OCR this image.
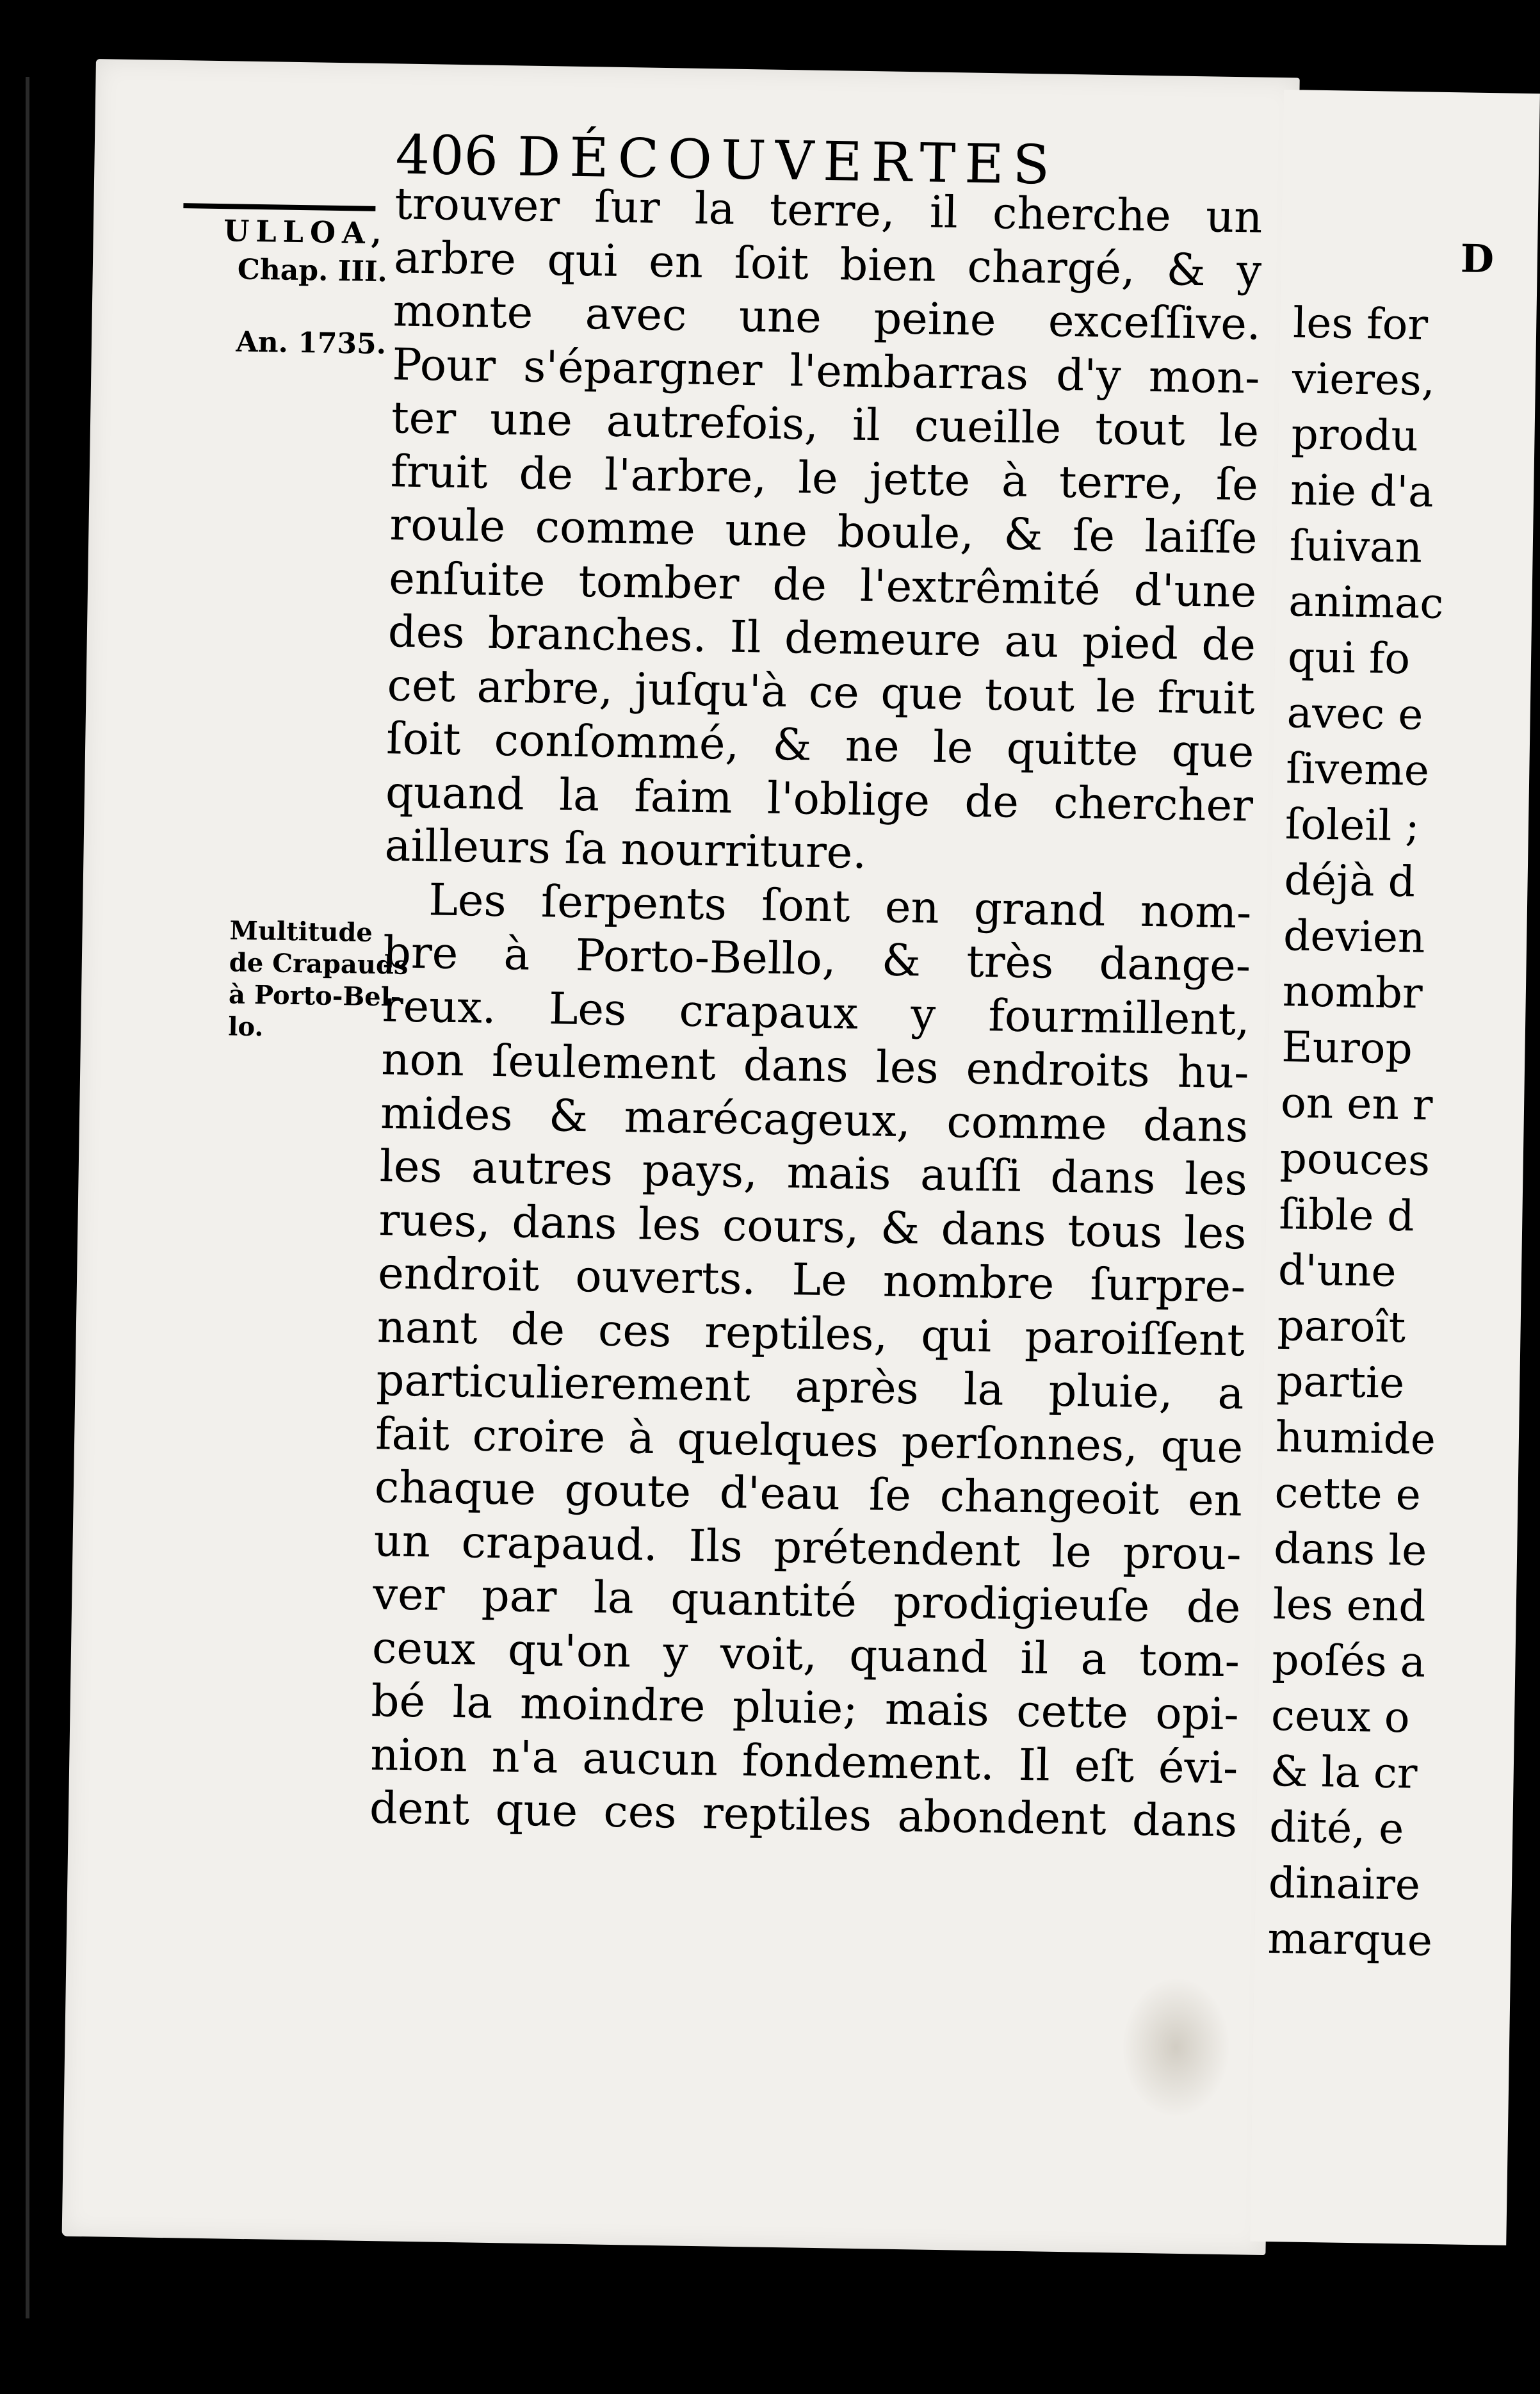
406 DÉCOUVERTES
ULLOA,
Chap. III.
An. 1735.
Multitude
de Crapauds
à Porto-Bel-
lo.
trouver ſur la terre, il cherche un
arbre qui en ſoit bien chargé, & y
monte avec une peine exceſſive.
Pour s'épargner l'embarras d'y mon-
ter une autrefois, il cueille tout le
fruit de l'arbre, le jette à terre, ſe
roule comme une boule, & ſe laiſſe
enſuite tomber de l'extrêmité d'une
des branches. Il demeure au pied de
cet arbre, juſqu'à ce que tout le fruit
ſoit conſommé, & ne le quitte que
quand la faim l'oblige de chercher
ailleurs ſa nourriture.
Les ſerpents ſont en grand nom-
bre à Porto-Bello, & très dange-
reux. Les crapaux y fourmillent,
non ſeulement dans les endroits hu-
mides & marécageux, comme dans
les autres pays, mais auſſi dans les
rues, dans les cours, & dans tous les
endroit ouverts. Le nombre ſurpre-
nant de ces reptiles, qui paroiſſent
particulierement après la pluie, a
fait croire à quelques perſonnes, que
chaque goute d'eau ſe changeoit en
un crapaud. Ils prétendent le prou-
ver par la quantité prodigieuſe de
ceux qu'on y voit, quand il a tom-
bé la moindre pluie; mais cette opi-
nion n'a aucun fondement. Il eſt évi-
dent que ces reptiles abondent dans
D
les for
vieres,
produ
nie d'a
ſuivan
animac
qui fo
avec e
ſiveme
ſoleil ;
déjà d
devien
nombr
Europ
on en r
pouces
ſible d
d'une
paroît
partie
humide
cette e
dans le
les end
poſés a
ceux o
& la cr
dité, e
dinaire
marque
